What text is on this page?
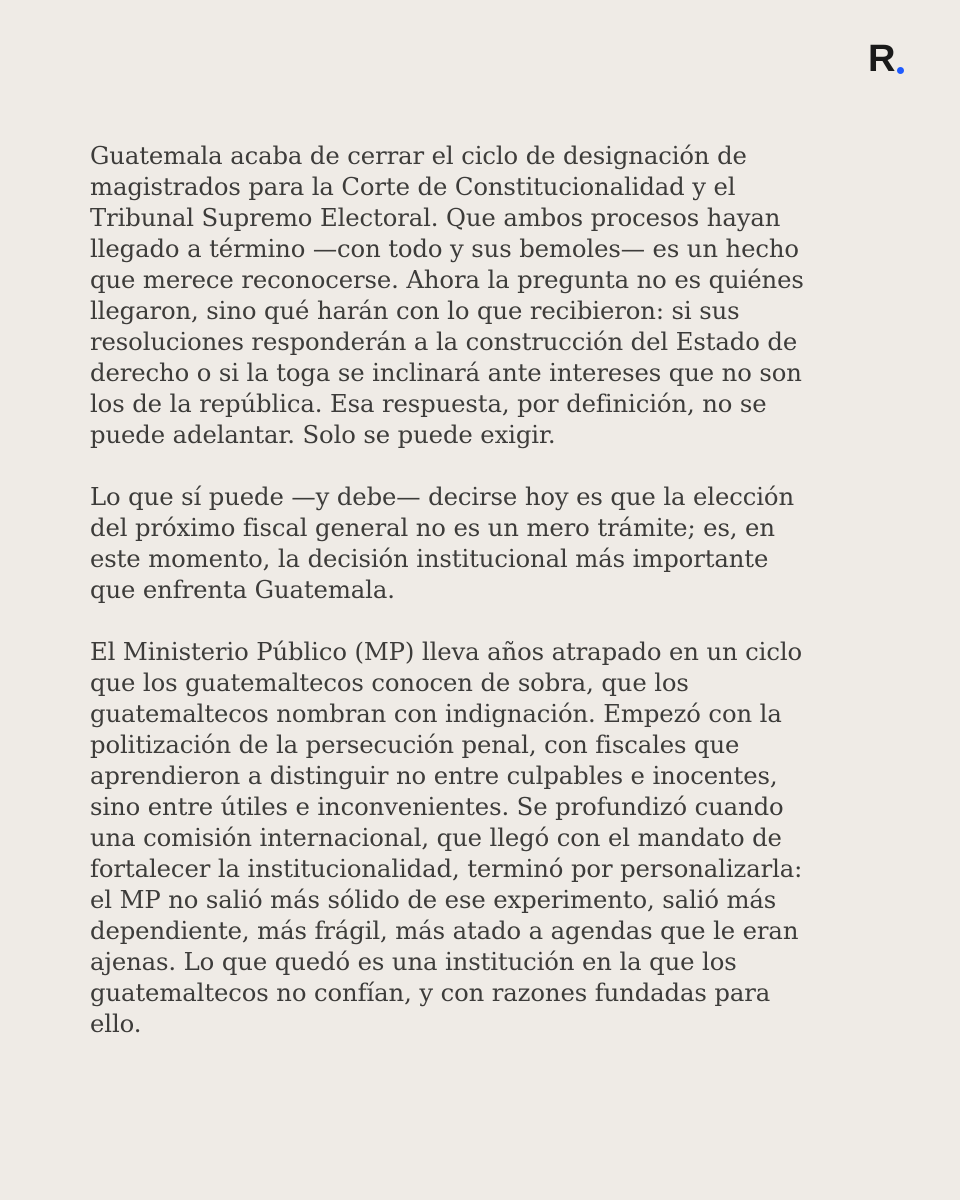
R

Guatemala acaba de cerrar el ciclo de designación de
magistrados para la Corte de Constitucionalidad y el
Tribunal Supremo Electoral. Que ambos procesos hayan
llegado a término —con todo y sus bemoles— es un hecho
que merece reconocerse. Ahora la pregunta no es quiénes
llegaron, sino qué harán con lo que recibieron: si sus
resoluciones responderán a la construcción del Estado de
derecho o si la toga se inclinará ante intereses que no son
los de la república. Esa respuesta, por definición, no se
puede adelantar. Solo se puede exigir.

Lo que sí puede —y debe— decirse hoy es que la elección
del próximo fiscal general no es un mero trámite; es, en
este momento, la decisión institucional más importante
que enfrenta Guatemala.

El Ministerio Público (MP) lleva años atrapado en un ciclo
que los guatemaltecos conocen de sobra, que los
guatemaltecos nombran con indignación. Empezó con la
politización de la persecución penal, con fiscales que
aprendieron a distinguir no entre culpables e inocentes,
sino entre útiles e inconvenientes. Se profundizó cuando
una comisión internacional, que llegó con el mandato de
fortalecer la institucionalidad, terminó por personalizarla:
el MP no salió más sólido de ese experimento, salió más
dependiente, más frágil, más atado a agendas que le eran
ajenas. Lo que quedó es una institución en la que los
guatemaltecos no confían, y con razones fundadas para
ello.
